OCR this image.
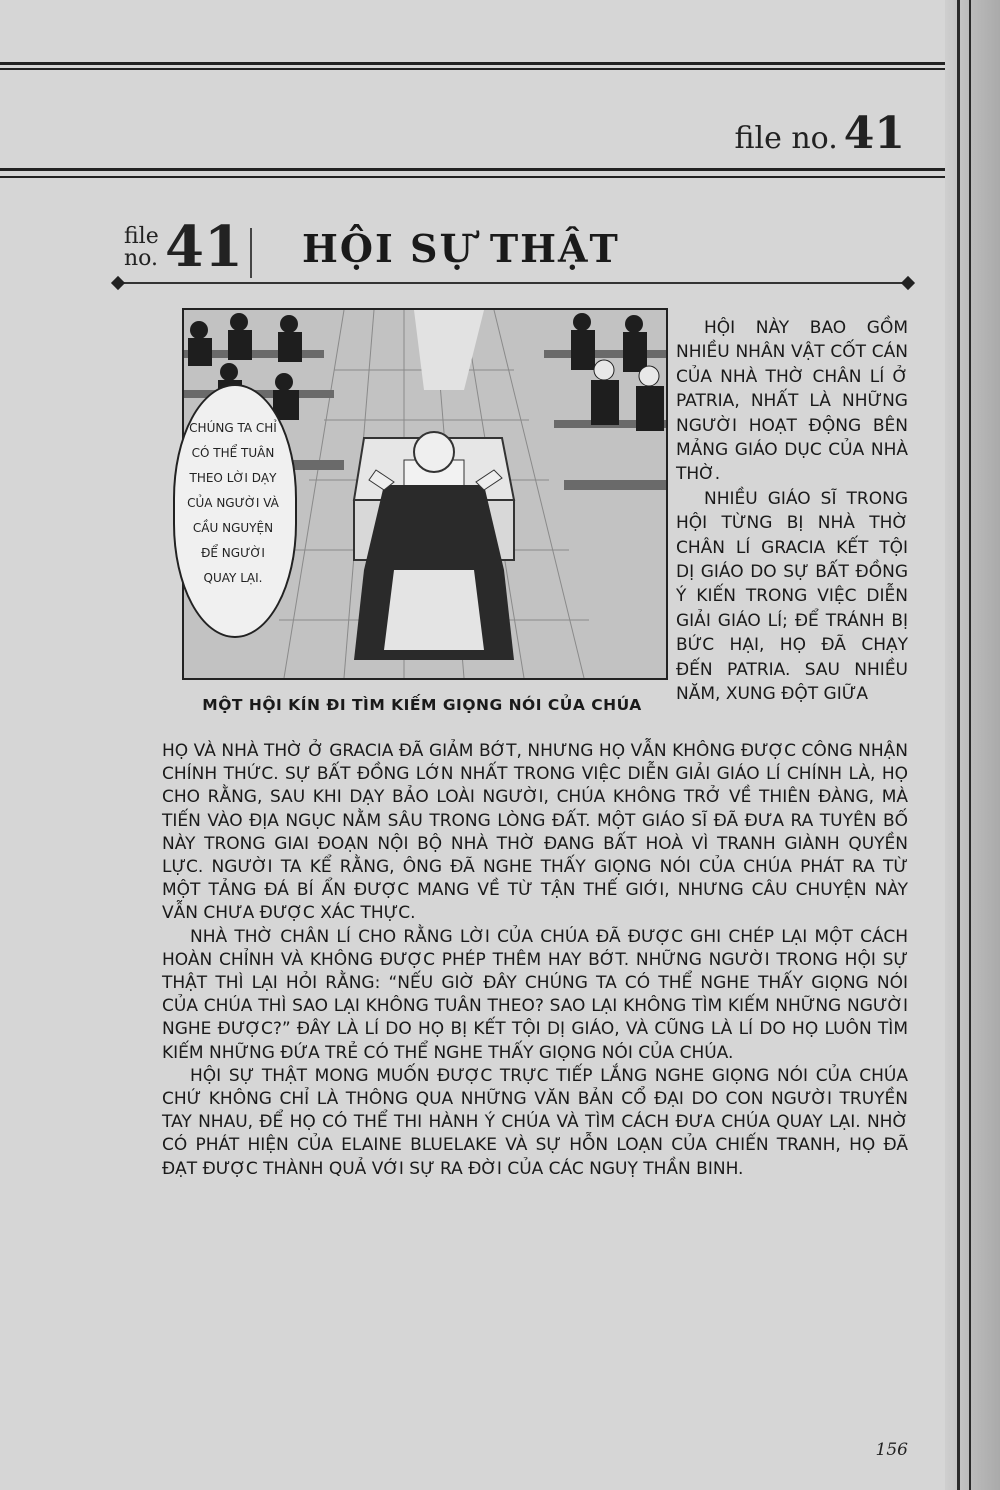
file no. 41
file
no. 41 HỘI SỰ THẬT
CHÚNG TA CHỈ
CÓ THỂ TUÂN
THEO LỜI DẠY
CỦA NGƯỜI VÀ
CẦU NGUYỆN
ĐỂ NGƯỜI
QUAY LẠI.
MỘT HỘI KÍN ĐI TÌM KIẾM GIỌNG NÓI CỦA CHÚA

HỘI NÀY BAO GỒM NHIỀU NHÂN VẬT CỐT CÁN CỦA NHÀ THỜ CHÂN LÍ Ở PATRIA, NHẤT LÀ NHỮNG NGƯỜI HOẠT ĐỘNG BÊN MẢNG GIÁO DỤC CỦA NHÀ THỜ.

NHIỀU GIÁO SĨ TRONG HỘI TỪNG BỊ NHÀ THỜ CHÂN LÍ GRACIA KẾT TỘI DỊ GIÁO DO SỰ BẤT ĐỒNG Ý KIẾN TRONG VIỆC DIỄN GIẢI GIÁO LÍ; ĐỂ TRÁNH BỊ BỨC HẠI, HỌ ĐÃ CHẠY ĐẾN PATRIA. SAU NHIỀU NĂM, XUNG ĐỘT GIỮA

HỌ VÀ NHÀ THỜ Ở GRACIA ĐÃ GIẢM BỚT, NHƯNG HỌ VẪN KHÔNG ĐƯỢC CÔNG NHẬN CHÍNH THỨC. SỰ BẤT ĐỒNG LỚN NHẤT TRONG VIỆC DIỄN GIẢI GIÁO LÍ CHÍNH LÀ, HỌ CHO RẰNG, SAU KHI DẠY BẢO LOÀI NGƯỜI, CHÚA KHÔNG TRỞ VỀ THIÊN ĐÀNG, MÀ TIẾN VÀO ĐỊA NGỤC NẰM SÂU TRONG LÒNG ĐẤT. MỘT GIÁO SĨ ĐÃ ĐƯA RA TUYÊN BỐ NÀY TRONG GIAI ĐOẠN NỘI BỘ NHÀ THỜ ĐANG BẤT HOÀ VÌ TRANH GIÀNH QUYỀN LỰC. NGƯỜI TA KỂ RẰNG, ÔNG ĐÃ NGHE THẤY GIỌNG NÓI CỦA CHÚA PHÁT RA TỪ MỘT TẢNG ĐÁ BÍ ẨN ĐƯỢC MANG VỀ TỪ TẬN THẾ GIỚI, NHƯNG CÂU CHUYỆN NÀY VẪN CHƯA ĐƯỢC XÁC THỰC.

NHÀ THỜ CHÂN LÍ CHO RẰNG LỜI CỦA CHÚA ĐÃ ĐƯỢC GHI CHÉP LẠI MỘT CÁCH HOÀN CHỈNH VÀ KHÔNG ĐƯỢC PHÉP THÊM HAY BỚT. NHỮNG NGƯỜI TRONG HỘI SỰ THẬT THÌ LẠI HỎI RẰNG: “NẾU GIỜ ĐÂY CHÚNG TA CÓ THỂ NGHE THẤY GIỌNG NÓI CỦA CHÚA THÌ SAO LẠI KHÔNG TUÂN THEO? SAO LẠI KHÔNG TÌM KIẾM NHỮNG NGƯỜI NGHE ĐƯỢC?” ĐÂY LÀ LÍ DO HỌ BỊ KẾT TỘI DỊ GIÁO, VÀ CŨNG LÀ LÍ DO HỌ LUÔN TÌM KIẾM NHỮNG ĐỨA TRẺ CÓ THỂ NGHE THẤY GIỌNG NÓI CỦA CHÚA.

HỘI SỰ THẬT MONG MUỐN ĐƯỢC TRỰC TIẾP LẮNG NGHE GIỌNG NÓI CỦA CHÚA CHỨ KHÔNG CHỈ LÀ THÔNG QUA NHỮNG VĂN BẢN CỔ ĐẠI DO CON NGƯỜI TRUYỀN TAY NHAU, ĐỂ HỌ CÓ THỂ THI HÀNH Ý CHÚA VÀ TÌM CÁCH ĐƯA CHÚA QUAY LẠI. NHỜ CÓ PHÁT HIỆN CỦA ELAINE BLUELAKE VÀ SỰ HỖN LOẠN CỦA CHIẾN TRANH, HỌ ĐÃ ĐẠT ĐƯỢC THÀNH QUẢ VỚI SỰ RA ĐỜI CỦA CÁC NGUỴ THẦN BINH.

156
